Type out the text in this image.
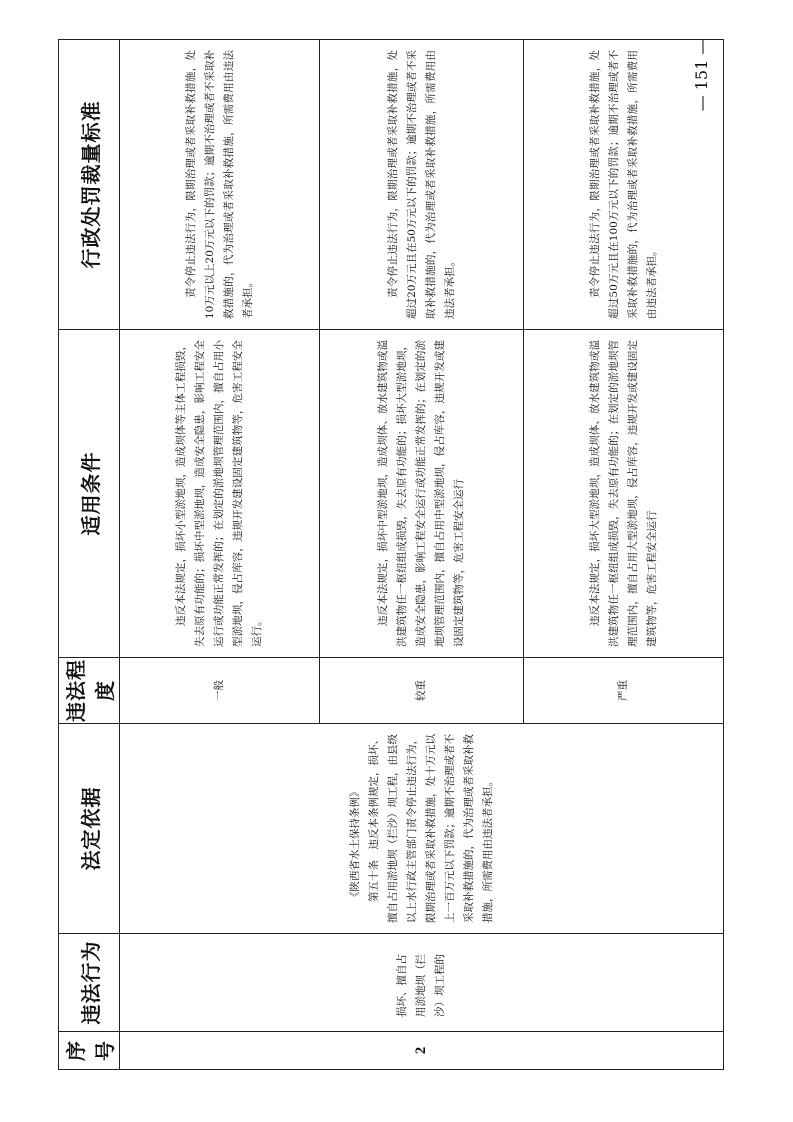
— 151 —
序号	违法行为	法定依据	违法程度	适用条件	行政处罚裁量标准
2	损坏、擅自占用淤地坝（拦沙）坝工程的	《陕西省水土保持条例》 第五十条　违反本条例规定，损坏、擅自占用淤地坝（拦沙）坝工程，由县级以上水行政主管部门责令停止违法行为，限期治理或者采取补救措施，处十万元以上一百万元以下罚款；逾期不治理或者不采取补救措施的，代为治理或者采取补救措施，所需费用由违法者承担。	一般	违反本法规定，损坏小型淤地坝，造成坝体等主体工程损毁，失去原有功能的；损坏中型淤地坝，造成安全隐患，影响工程安全运行或功能正常发挥的；在划定的淤地坝管理范围内，擅自占用小型淤地坝，侵占库容，违规开发建设固定建筑物等，危害工程安全运行。	责令停止违法行为，限期治理或者采取补救措施，处10万元以上20万元以下的罚款；逾期不治理或者不采取补救措施的，代为治理或者采取补救措施，所需费用由违法者承担。

			较重	违反本法规定，损坏中型淤地坝，造成坝体、放水建筑物或溢洪建筑物任一枢纽组成损毁，失去原有功能的；损坏大型淤地坝，造成安全隐患，影响工程安全运行或功能正常发挥的；在划定的淤地坝管理范围内，擅自占用中型淤地坝，侵占库容，违规开发或建设固定建筑物等，危害工程安全运行	责令停止违法行为，限期治理或者采取补救措施，处超过20万元且在50万元以下的罚款；逾期不治理或者不采取补救措施的，代为治理或者采取补救措施，所需费用由违法者承担。

			严重	违反本法规定，损坏大型淤地坝，造成坝体、放水建筑物或溢洪建筑物任一枢纽组成损毁，失去原有功能的；在划定的淤地坝管理范围内，擅自占用大型淤地坝，侵占库容，违规开发或建设固定建筑物等，危害工程安全运行	责令停止违法行为，限期治理或者采取补救措施，处超过50万元且在100万元以下的罚款；逾期不治理或者不采取补救措施的，代为治理或者采取补救措施，所需费用由违法者承担。
